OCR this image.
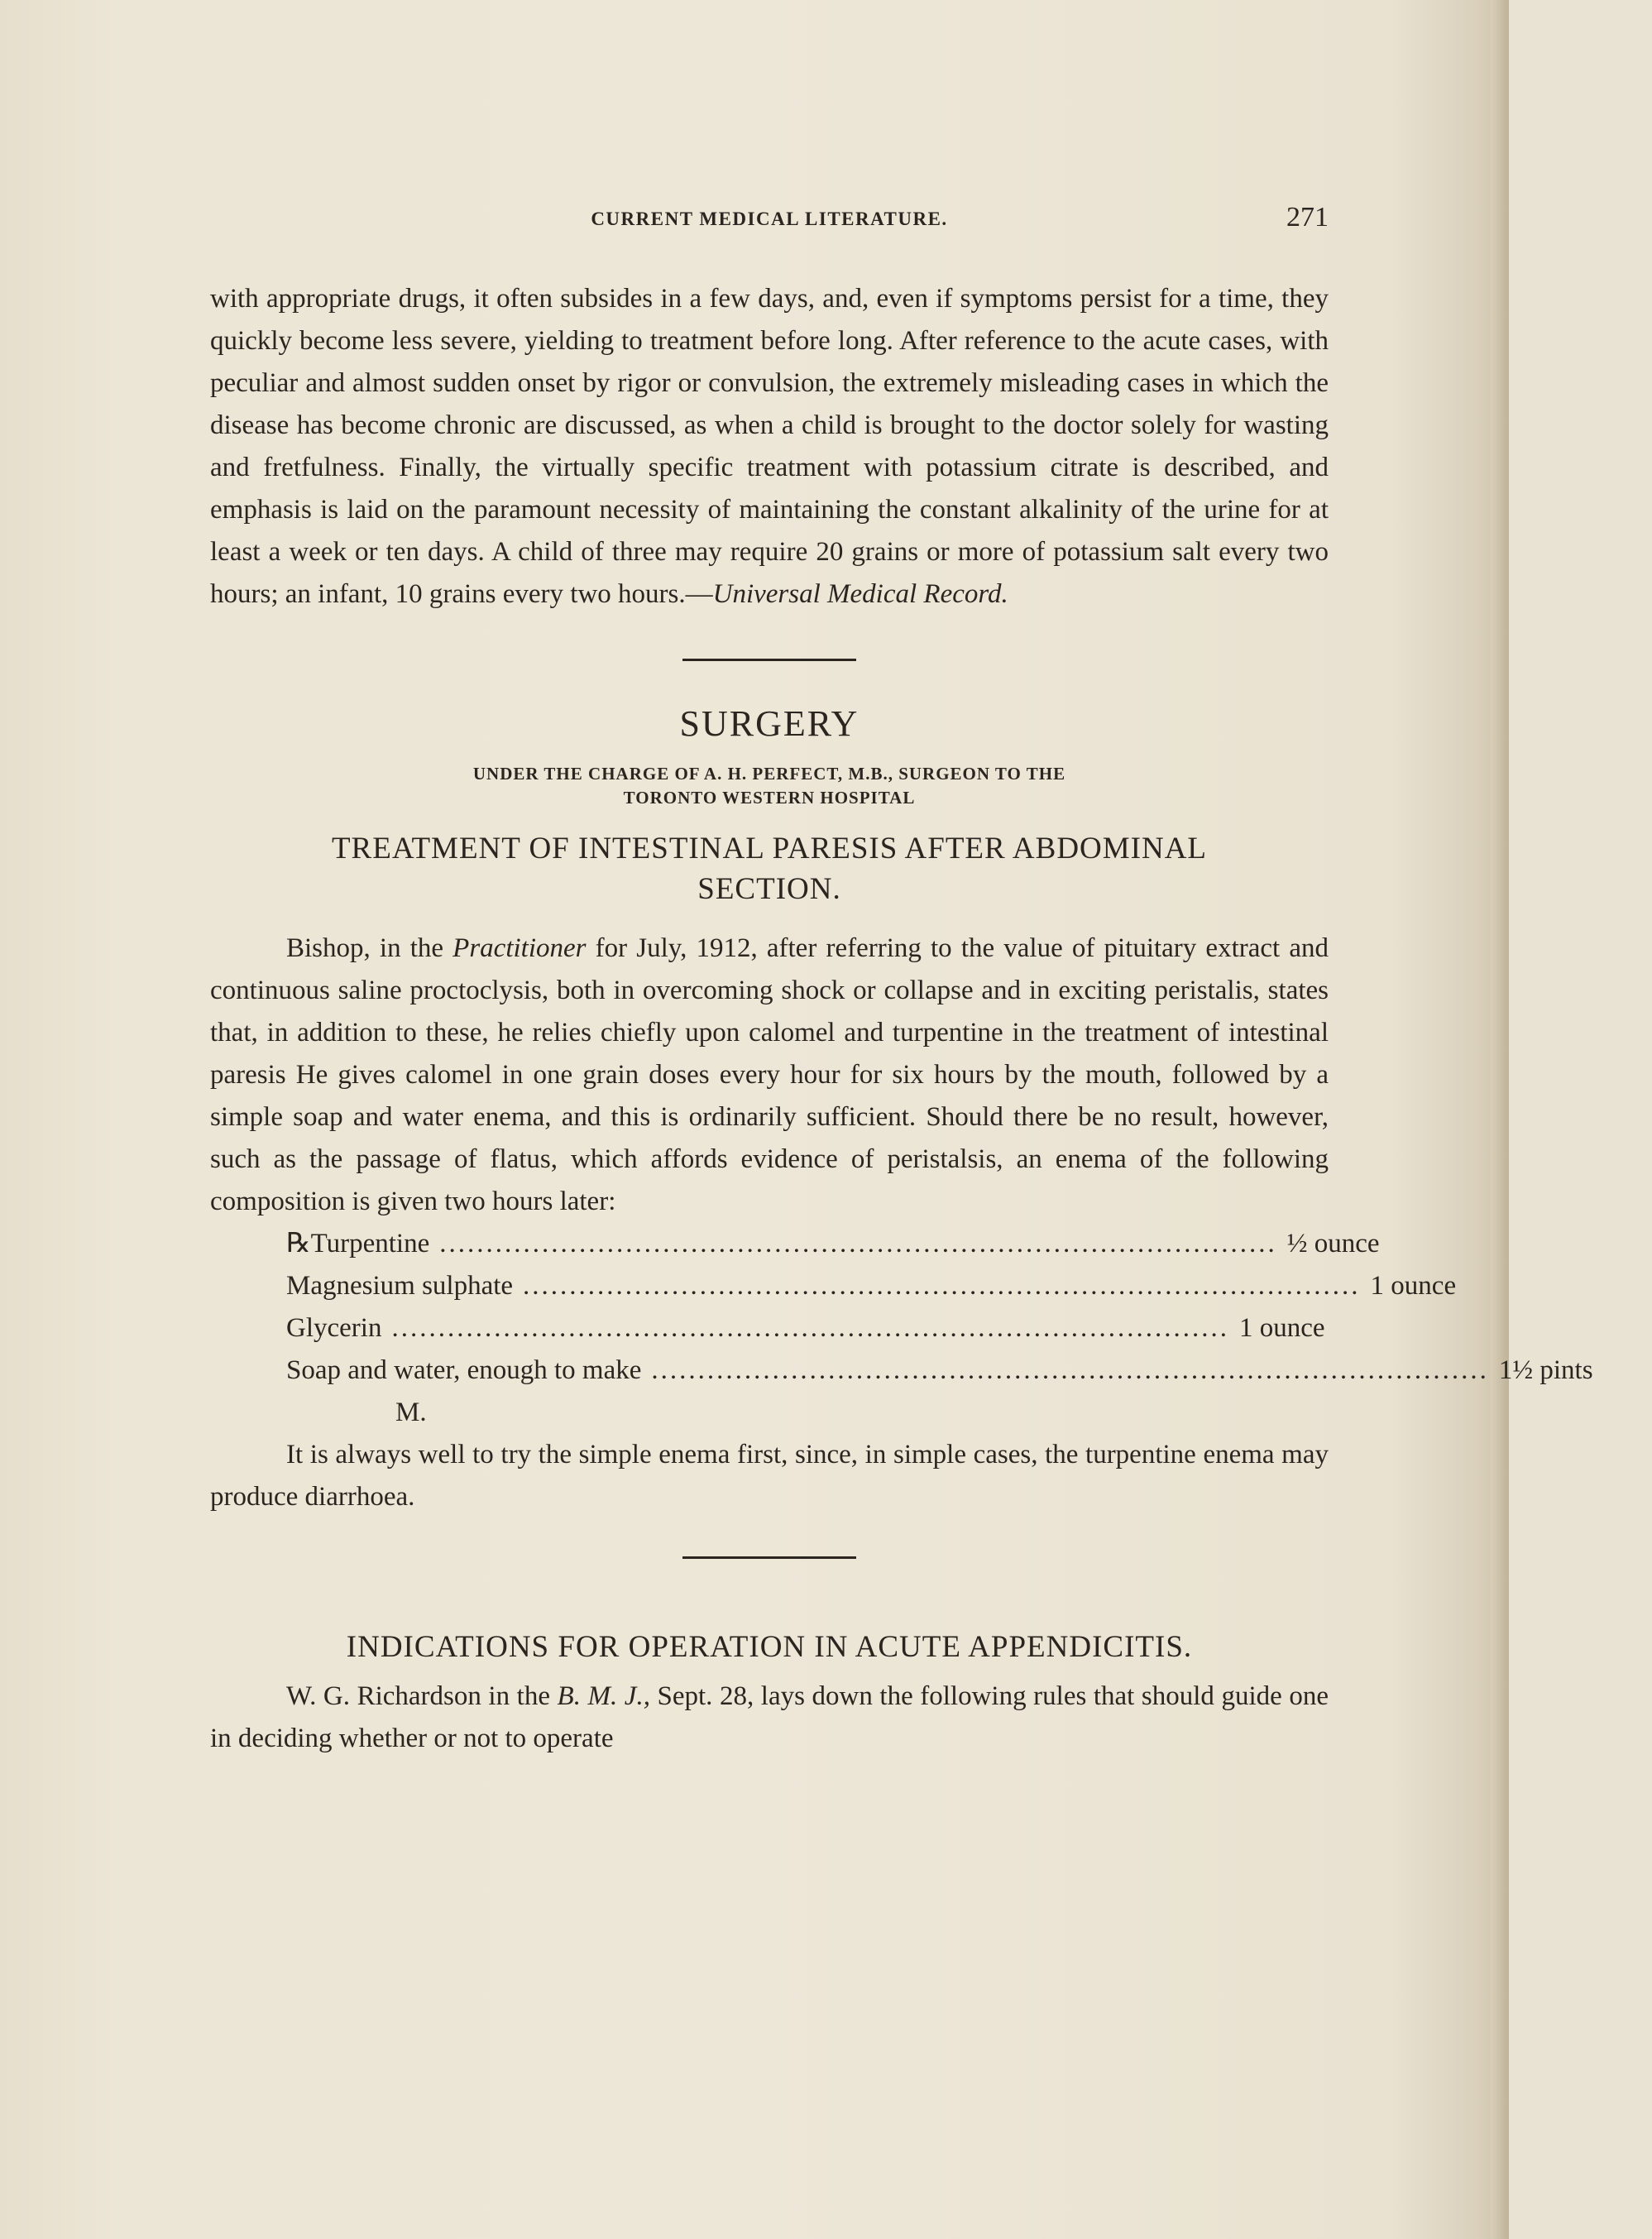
CURRENT MEDICAL LITERATURE.	271

with appropriate drugs, it often subsides in a few days, and, even if symptoms persist for a time, they quickly become less severe, yielding to treatment before long. After reference to the acute cases, with peculiar and almost sudden onset by rigor or convulsion, the extremely misleading cases in which the disease has become chronic are discussed, as when a child is brought to the doctor solely for wasting and fretfulness. Finally, the virtually specific treatment with potassium citrate is described, and emphasis is laid on the paramount necessity of maintaining the constant alkalinity of the urine for at least a week or ten days. A child of three may require 20 grains or more of potassium salt every two hours; an infant, 10 grains every two hours.—Universal Medical Record.

SURGERY
UNDER THE CHARGE OF A. H. PERFECT, M.B., SURGEON TO THE
TORONTO WESTERN HOSPITAL
TREATMENT OF INTESTINAL PARESIS AFTER ABDOMINAL
SECTION.

Bishop, in the Practitioner for July, 1912, after referring to the value of pituitary extract and continuous saline proctoclysis, both in overcoming shock or collapse and in exciting peristalis, states that, in addition to these, he relies chiefly upon calomel and turpentine in the treatment of intestinal paresis He gives calomel in one grain doses every hour for six hours by the mouth, followed by a simple soap and water enema, and this is ordinarily sufficient. Should there be no result, however, such as the passage of flatus, which affords evidence of peristalsis, an enema of the following composition is given two hours later:

℞ Turpentine .......................................................................................... ½ ounce
Magnesium sulphate .......................................................................................... 1 ounce
Glycerin .......................................................................................... 1 ounce
Soap and water, enough to make .......................................................................................... 1½ pints
M.

It is always well to try the simple enema first, since, in simple cases, the turpentine enema may produce diarrhoea.

INDICATIONS FOR OPERATION IN ACUTE APPENDICITIS.

W. G. Richardson in the B. M. J., Sept. 28, lays down the following rules that should guide one in deciding whether or not to operate
